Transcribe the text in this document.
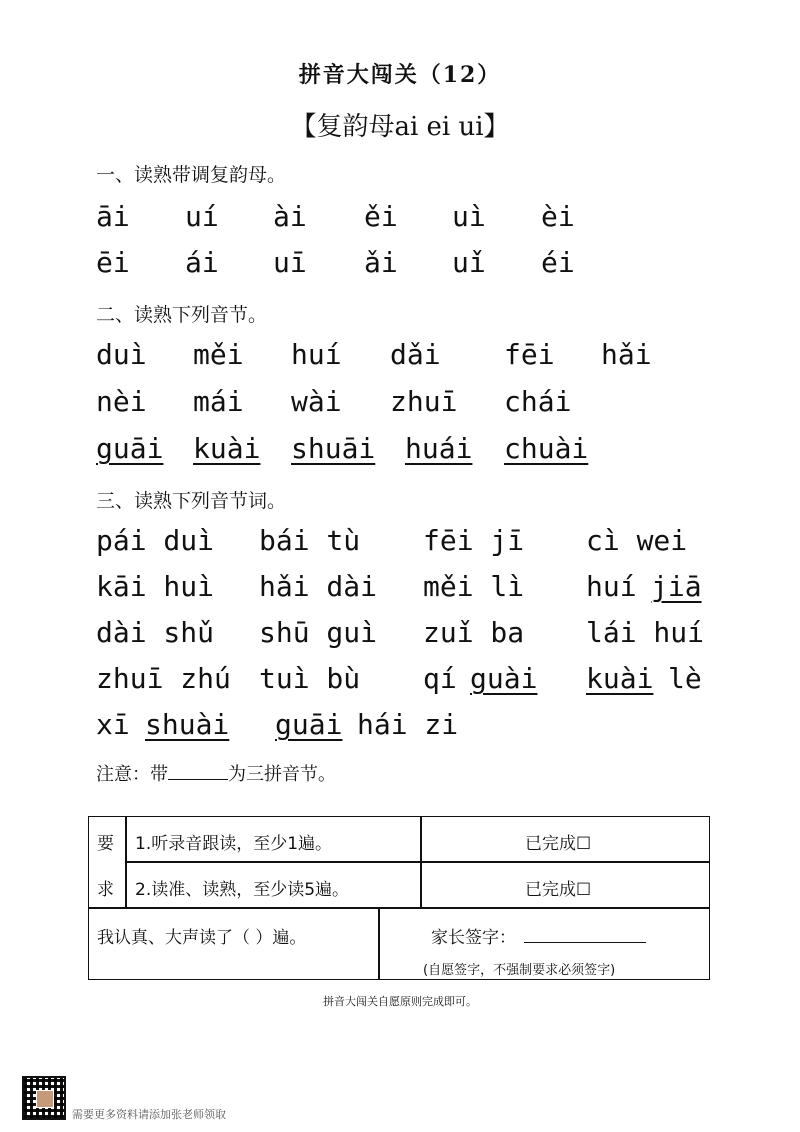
拼音大闯关（12）
【复韵母ai ei ui】
一、读熟带调复韵母。
āi uí ài ěi uì èi
ēi ái uī ǎi uǐ éi
二、读熟下列音节。
duì měi huí dǎi fēi hǎi
nèi mái wài zhuī chái
guāi kuài shuāi huái chuài
三、读熟下列音节词。
pái duì bái tù fēi jī cì wei
kāi huì hǎi dài měi lì huí jiā
dài shǔ shū guì zuǐ ba lái huí
zhuī zhú tuì bù qí guài kuài lè
xī shuài guāi hái zi
注意：带	为三拼音节。
要
求
1.听录音跟读，至少1遍。	已完成☐
2.读准、读熟，至少读5遍。	已完成☐
我认真、大声读了（ ）遍。	家长签字：
(自愿签字，不强制要求必须签字)
拼音大闯关自愿原则完成即可。
需要更多资料请添加张老师领取
